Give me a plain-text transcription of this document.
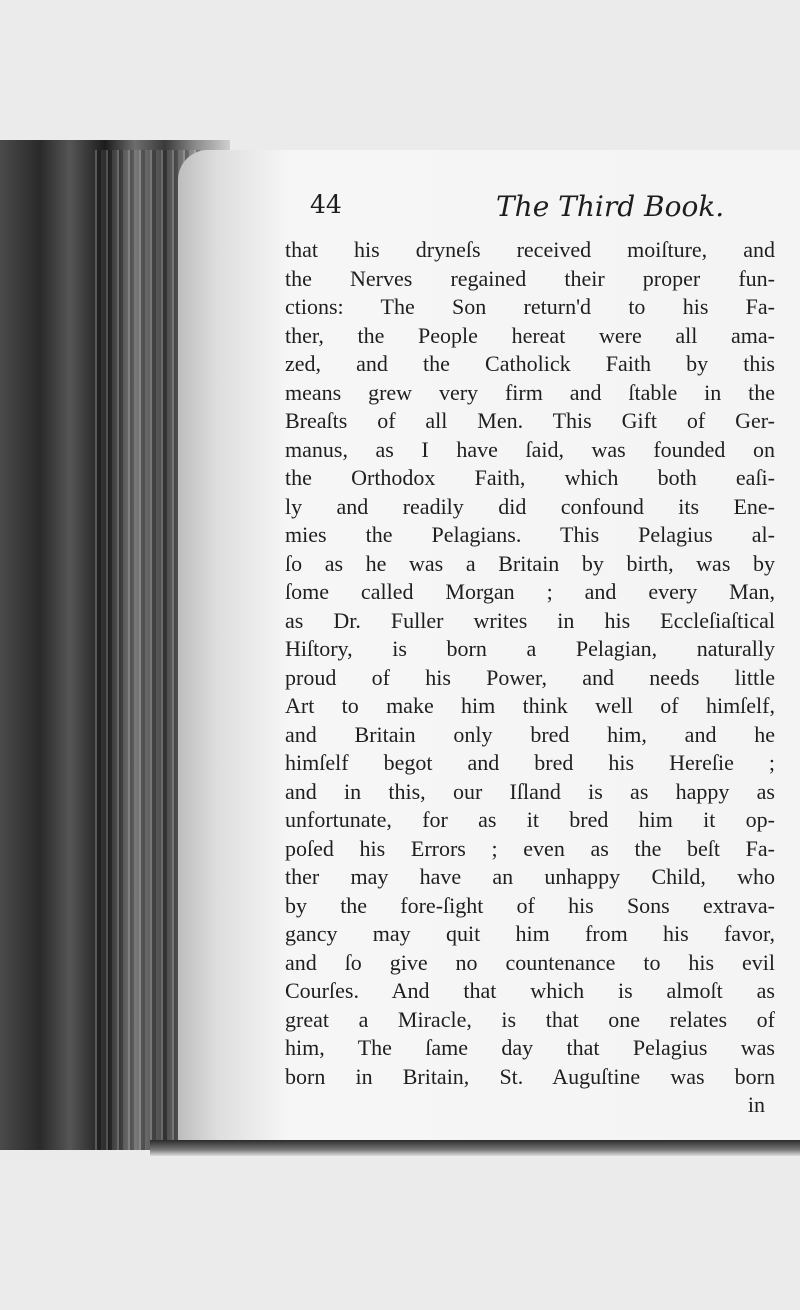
44	The Third Book.
that his dryneſs received moiſture, and
the Nerves regained their proper fun-
ctions: The Son return'd to his Fa-
ther, the People hereat were all ama-
zed, and the Catholick Faith by this
means grew very firm and ſtable in the
Breaſts of all Men. This Gift of Ger-
manus, as I have ſaid, was founded on
the Orthodox Faith, which both eaſi-
ly and readily did confound its Ene-
mies the Pelagians. This Pelagius al-
ſo as he was a Britain by birth, was by
ſome called Morgan ; and every Man,
as Dr. Fuller writes in his Eccleſiaſtical
Hiſtory, is born a Pelagian, naturally
proud of his Power, and needs little
Art to make him think well of himſelf,
and Britain only bred him, and he
himſelf begot and bred his Hereſie ;
and in this, our Iſland is as happy as
unfortunate, for as it bred him it op-
poſed his Errors ; even as the beſt Fa-
ther may have an unhappy Child, who
by the fore-ſight of his Sons extrava-
gancy may quit him from his favor,
and ſo give no countenance to his evil
Courſes. And that which is almoſt as
great a Miracle, is that one relates of
him, The ſame day that Pelagius was
born in Britain, St. Auguſtine was born
in
